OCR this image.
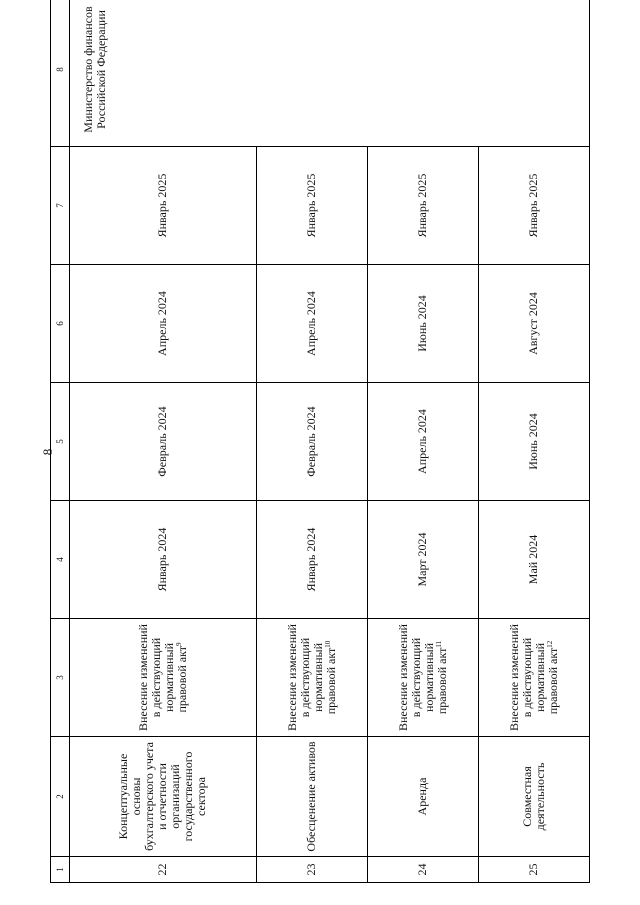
8
1	2	3	4	5	6	7	8
22	Концептуальные основы бухгалтерского учета и отчетности организаций государственного сектора	Внесение изменений в действующий нормативный правовой акт$^9$	Январь 2024	Февраль 2024	Апрель 2024	Январь 2025	Министерство финансов Российской Федерации
23	Обесценение активов	Внесение изменений в действующий нормативный правовой акт$^{10}$	Январь 2024	Февраль 2024	Апрель 2024	Январь 2025	
24	Аренда	Внесение изменений в действующий нормативный правовой акт$^{11}$	Март 2024	Апрель 2024	Июнь 2024	Январь 2025	
25	Совместная деятельность	Внесение изменений в действующий нормативный правовой акт$^{12}$	Май 2024	Июнь 2024	Август 2024	Январь 2025	
